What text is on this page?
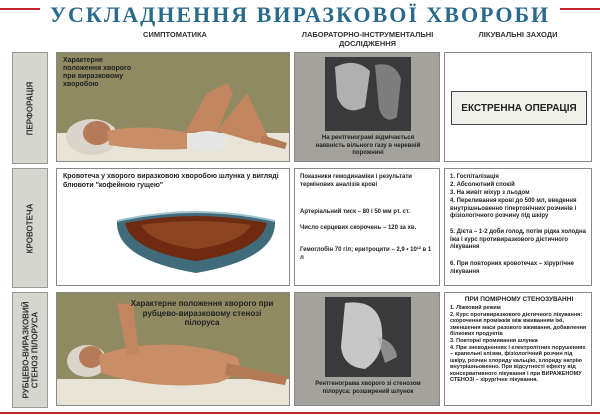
УСКЛАДНЕННЯ ВИРАЗКОВОЇ ХВОРОБИ
СИМПТОМАТИКА	ЛАБОРАТОРНО-ІНСТРУМЕНТАЛЬНІ
ДОСЛІДЖЕННЯ
ЛІКУВАЛЬНІ ЗАХОДИ
ПЕРФОРАЦІЯ
Характерне положення хворого при виразковому хворобою
На рентгенограмі відмічається наявність вільного газу в черевній порожнині
ЕКСТРЕННА ОПЕРАЦІЯ
КРОВОТЕЧА
Кровотеча у хворого виразковою хворобою шлунка у вигляді блювоти "кофейною гущею"
Показники гемодинаміки і результати термінових аналізів крові
Артеріальний тиск – 80 і 50 мм рт. ст.
Число серцевих скорочень – 120 за хв.
Гемоглобін 70 г/л; еритроцити – 2,9 • 10¹² в 1 л
1. Госпіталізація
2. Абсолютний спокій
3. На живіт міхур з льодом
4. Переливання крові до 500 мл, введення внутрішньовенно гіпертонічних розчинів і фізіологічного розчину під шкіру
5. Дієта – 1-2 доби голод, потім рідка холодна їжа і курс противиразкового дієтичного лікування
6. При повторних кровотечах – хірургічне лікування
РУБЦЕВО-ВИРАЗКОВИЙ СТЕНОЗ ПІЛОРУСА
Характерне положення хворого при рубцево-виразковому стенозі пілоруса
Рентгенограма хворого зі стенозом пілоруса: розширений шлунок
ПРИ ПОМІРНОМУ СТЕНОЗУВАННІ
1. Ліжковий режим
2. Курс противиразкового дієтичного лікування: скорочення проміжків між вживанням їжі, зменшення маси разового вживання, добавлення білкових продуктів
3. Повторні промивання шлунка
4. При зневодненнях і електролітних порушеннях – крапельні клізми, фізіологічний розчин під шкіру, розчин хлориду кальцію, хлориду натрію внутрішньовенно. При відсутності ефекту від консервативного лікування і при ВИРАЖЕНОМУ СТЕНОЗІ – хірургічне лікування.
